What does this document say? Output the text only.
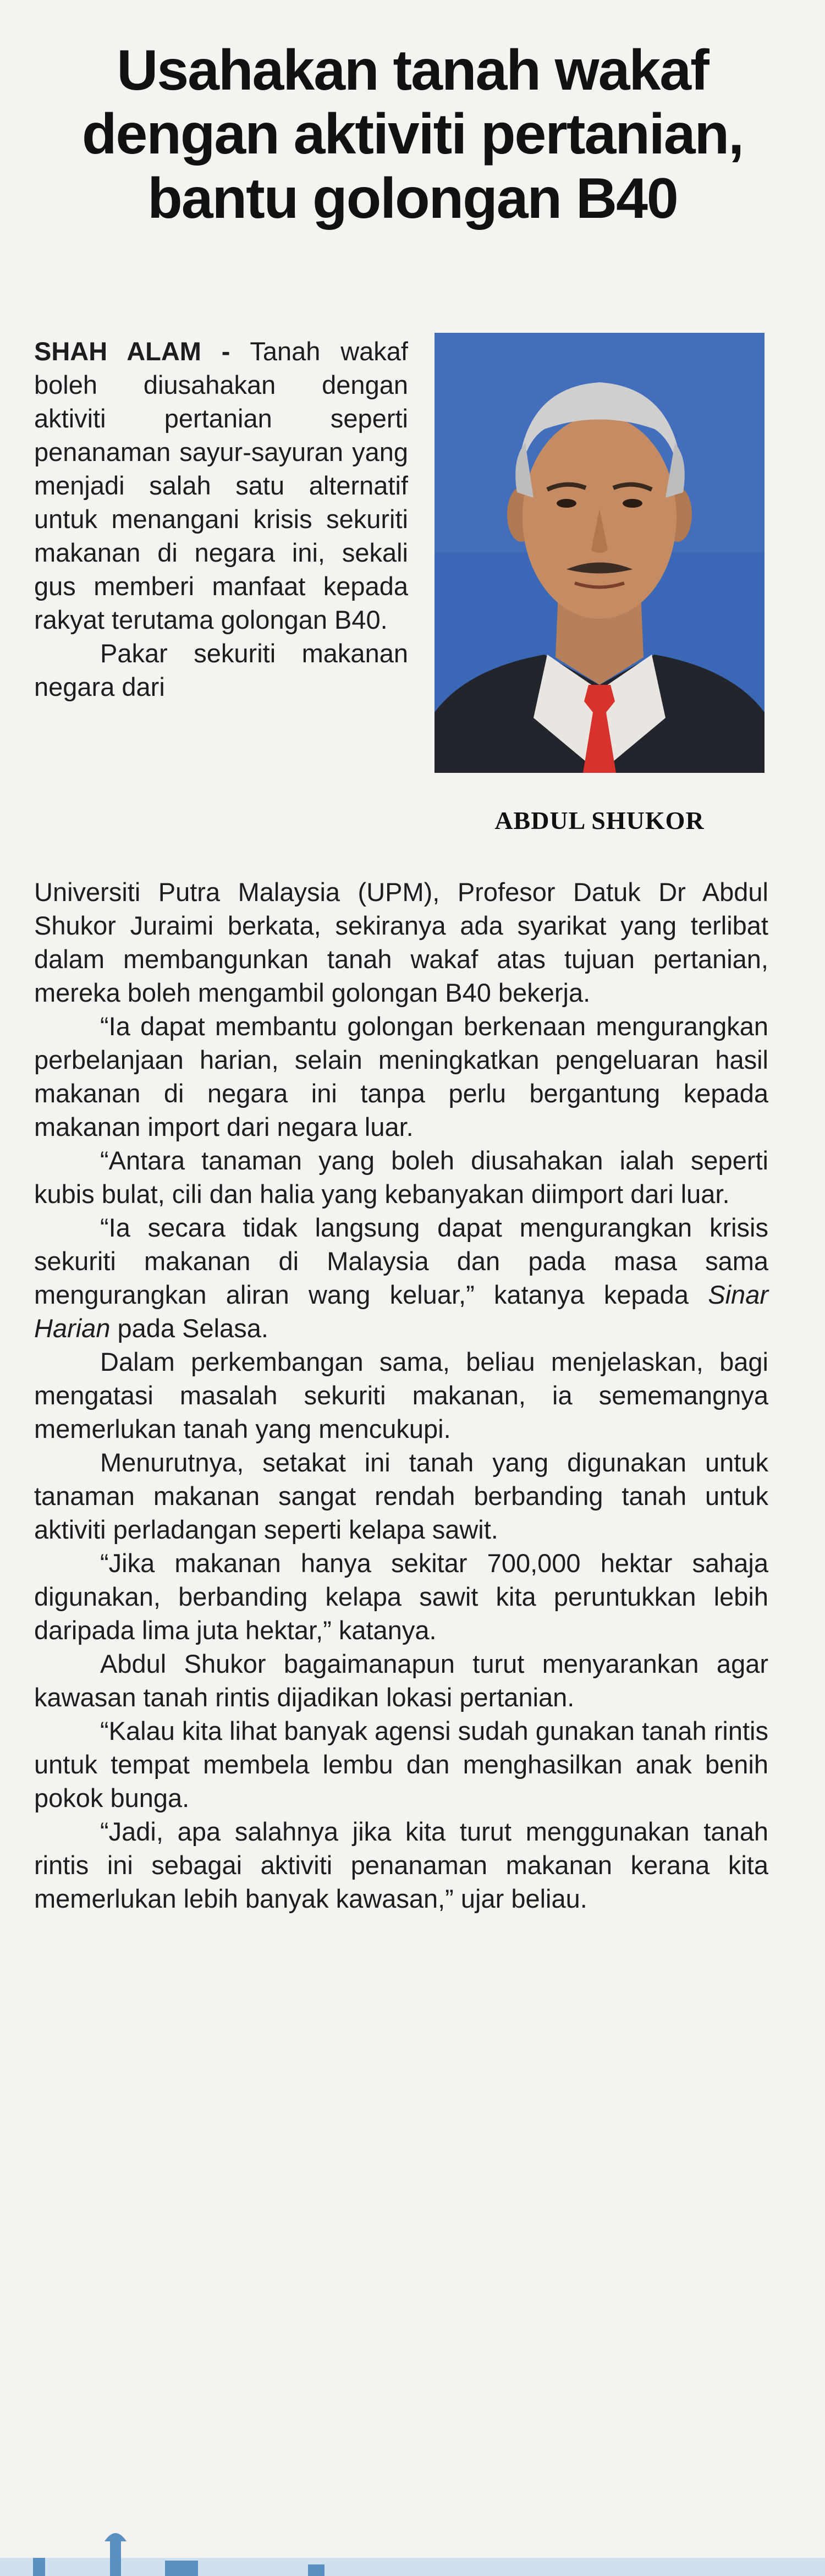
Usahakan tanah wakaf
dengan aktiviti pertanian,
bantu golongan B40
ABDUL SHUKOR

SHAH ALAM - Tanah wakaf boleh diusahakan dengan aktiviti pertanian seperti penanaman sayur-sayuran yang menjadi salah satu alternatif untuk menangani krisis sekuriti makanan di negara ini, sekali gus memberi manfaat kepada rakyat terutama golongan B40.

Pakar sekuriti makanan negara dari

Universiti Putra Malaysia (UPM), Profesor Datuk Dr Abdul Shukor Juraimi berkata, sekiranya ada syarikat yang terlibat dalam membangunkan tanah wakaf atas tujuan pertanian, mereka boleh mengambil golongan B40 bekerja.

“Ia dapat membantu golongan berkenaan mengurangkan perbelanjaan harian, selain meningkatkan pengeluaran hasil makanan di negara ini tanpa perlu bergantung kepada makanan import dari negara luar.

“Antara tanaman yang boleh diusahakan ialah seperti kubis bulat, cili dan halia yang kebanyakan diimport dari luar.

“Ia secara tidak langsung dapat mengurangkan krisis sekuriti makanan di Malaysia dan pada masa sama mengurangkan aliran wang keluar,” katanya kepada Sinar Harian pada Selasa.

Dalam perkembangan sama, beliau menjelaskan, bagi mengatasi masalah sekuriti makanan, ia sememangnya memerlukan tanah yang mencukupi.

Menurutnya, setakat ini tanah yang digunakan untuk tanaman makanan sangat rendah berbanding tanah untuk aktiviti perladangan seperti kelapa sawit.

“Jika makanan hanya sekitar 700,000 hektar sahaja digunakan, berbanding kelapa sawit kita peruntukkan lebih daripada lima juta hektar,” katanya.

Abdul Shukor bagaimanapun turut menyarankan agar kawasan tanah rintis dijadikan lokasi pertanian.

“Kalau kita lihat banyak agensi sudah gunakan tanah rintis untuk tempat membela lembu dan menghasilkan anak benih pokok bunga.

“Jadi, apa salahnya jika kita turut menggunakan tanah rintis ini sebagai aktiviti penanaman makanan kerana kita memerlukan lebih banyak kawasan,” ujar beliau.
